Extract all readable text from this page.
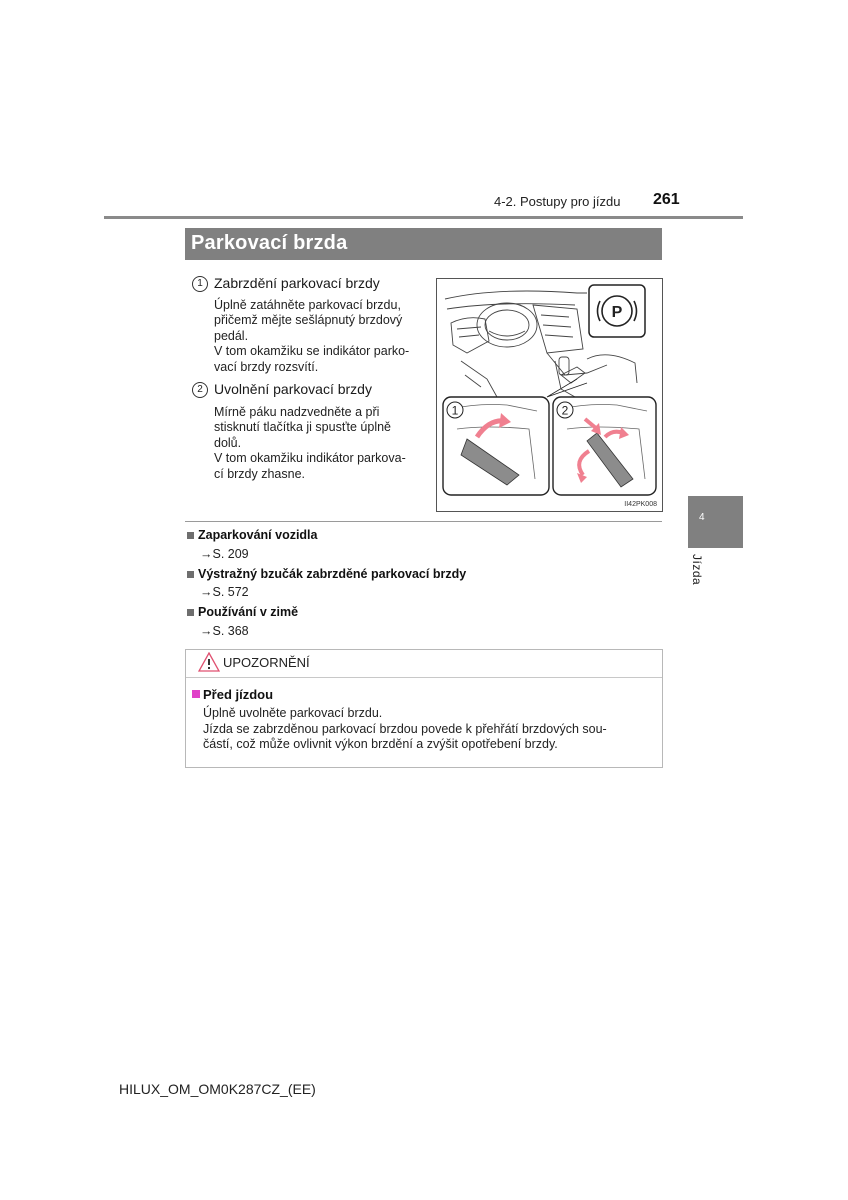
4-2. Postupy pro jízdu 261
Parkovací brzda
1 Zabrzdění parkovací brzdy
Úplně zatáhněte parkovací brzdu,
přičemž mějte sešlápnutý brzdový
pedál.
V tom okamžiku se indikátor parko-
vací brzdy rozsvítí.
2 Uvolnění parkovací brzdy
Mírně páku nadzvedněte a při
stisknutí tlačítka ji spusťte úplně
dolů.
V tom okamžiku indikátor parkova-
cí brzdy zhasne.
P
1	2
II42PK008
Zaparkování vozidla
→S. 209
Výstražný bzučák zabrzděné parkovací brzdy
→S. 572
Používání v zimě
→S. 368
UPOZORNĚNÍ
Před jízdou
Úplně uvolněte parkovací brzdu.
Jízda se zabrzděnou parkovací brzdou povede k přehřátí brzdových sou-
částí, což může ovlivnit výkon brzdění a zvýšit opotřebení brzdy.
4
Jízda
HILUX_OM_OM0K287CZ_(EE)
